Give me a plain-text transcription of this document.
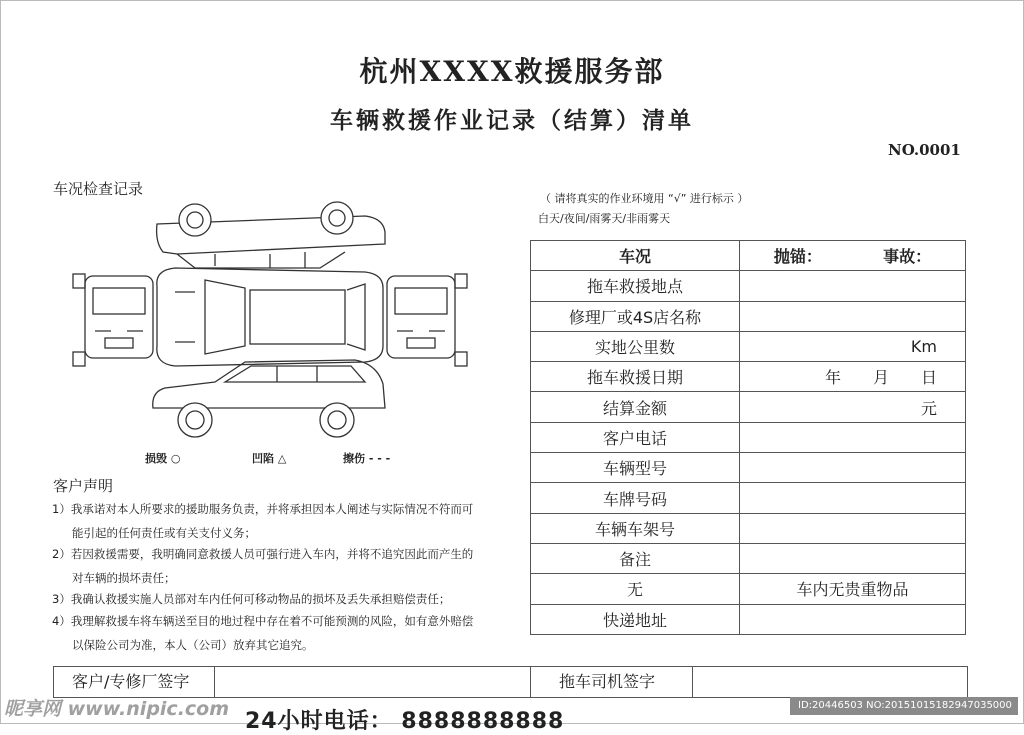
杭州XXXX救援服务部
车辆救援作业记录（结算）清单
NO.0001
车况检查记录
损毁 ○	凹陷 △	擦伤 - - -
（ 请将真实的作业环境用 “√” 进行标示 ）
白天/夜间/雨雾天/非雨雾天
车况	抛锚： 事故：
拖车救援地点	
修理厂或4S店名称	
实地公里数	Km
拖车救援日期	年　　月　　日
结算金额	元
客户电话	
车辆型号	
车牌号码	
车辆车架号	
备注	
无	车内无贵重物品
快递地址	
客户声明
1）我承诺对本人所要求的援助服务负责，并将承担因本人阐述与实际情况不符而可
能引起的任何责任或有关支付义务；
2）若因救援需要，我明确同意救援人员可强行进入车内，并将不追究因此而产生的
对车辆的损坏责任；
3）我确认救援实施人员部对车内任何可移动物品的损坏及丢失承担赔偿责任；
4）我理解救援车将车辆送至目的地过程中存在着不可能预测的风险，如有意外赔偿
以保险公司为准，本人（公司）放弃其它追究。
客户/专修厂签字	拖车司机签字
24小时电话： 8888888888
昵享网 www.nipic.com	ID:20446503 NO:20151015182947035000
